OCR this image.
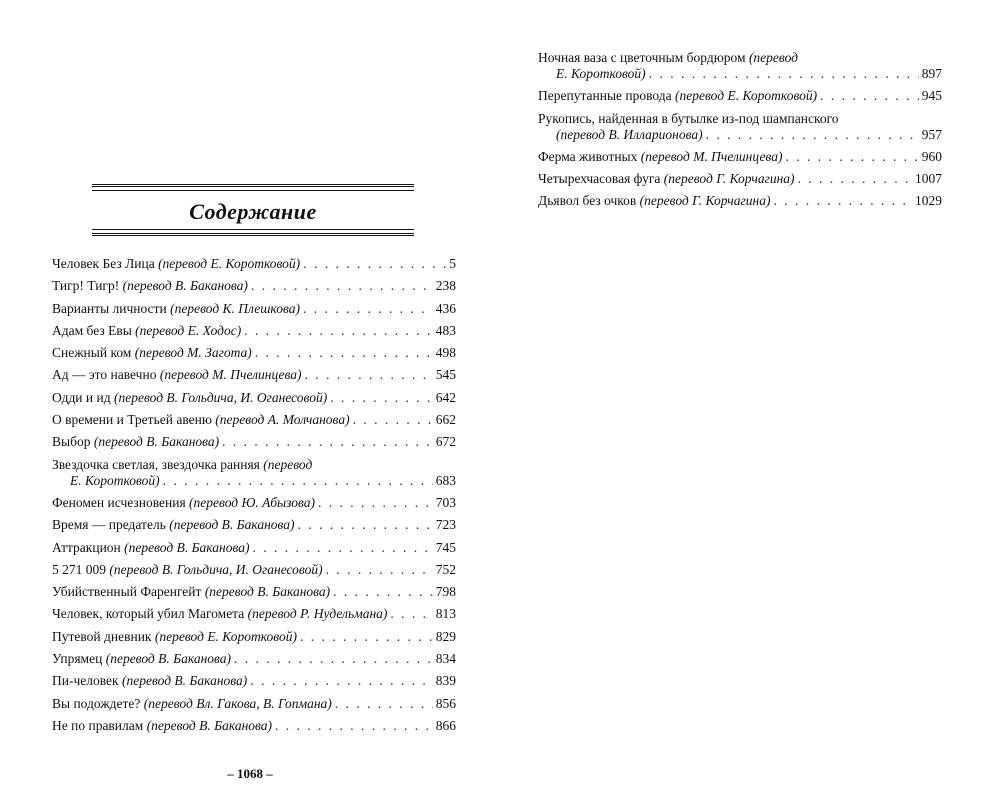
Содержание
Человек Без Лица (перевод Е. Коротковой) . . .	5
Тигр! Тигр! (перевод В. Баканова) . . .	238
Варианты личности (перевод К. Плешкова) . . .	436
Адам без Евы (перевод Е. Ходос) . . .	483
Снежный ком (перевод М. Загота) . . .	498
Ад — это навечно (перевод М. Пчелинцева) . . .	545
Одди и ид (перевод В. Гольдича, И. Оганесовой) . . .	642
О времени и Третьей авеню (перевод А. Молчанова) . . .	662
Выбор (перевод В. Баканова) . . .	672
Звездочка светлая, звездочка ранняя (перевод
Е. Коротковой) . . .	683
Феномен исчезновения (перевод Ю. Абызова) . . .	703
Время — предатель (перевод В. Баканова) . . .	723
Аттракцион (перевод В. Баканова) . . .	745
5 271 009 (перевод В. Гольдича, И. Оганесовой) . . .	752
Убийственный Фаренгейт (перевод В. Баканова) . . .	798
Человек, который убил Магомета (перевод Р. Нудельмана) . . .	813
Путевой дневник (перевод Е. Коротковой) . . .	829
Упрямец (перевод В. Баканова) . . .	834
Пи-человек (перевод В. Баканова) . . .	839
Вы подождете? (перевод Вл. Гакова, В. Гопмана) . . .	856
Не по правилам (перевод В. Баканова) . . .	866
– 1068 –
Ночная ваза с цветочным бордюром (перевод
Е. Коротковой) . . .	897
Перепутанные провода (перевод Е. Коротковой) . . .	945
Рукопись, найденная в бутылке из-под шампанского
(перевод В. Илларионова) . . .	957
Ферма животных (перевод М. Пчелинцева) . . .	960
Четырехчасовая фуга (перевод Г. Корчагина) . . .	1007
Дьявол без очков (перевод Г. Корчагина) . . .	1029
